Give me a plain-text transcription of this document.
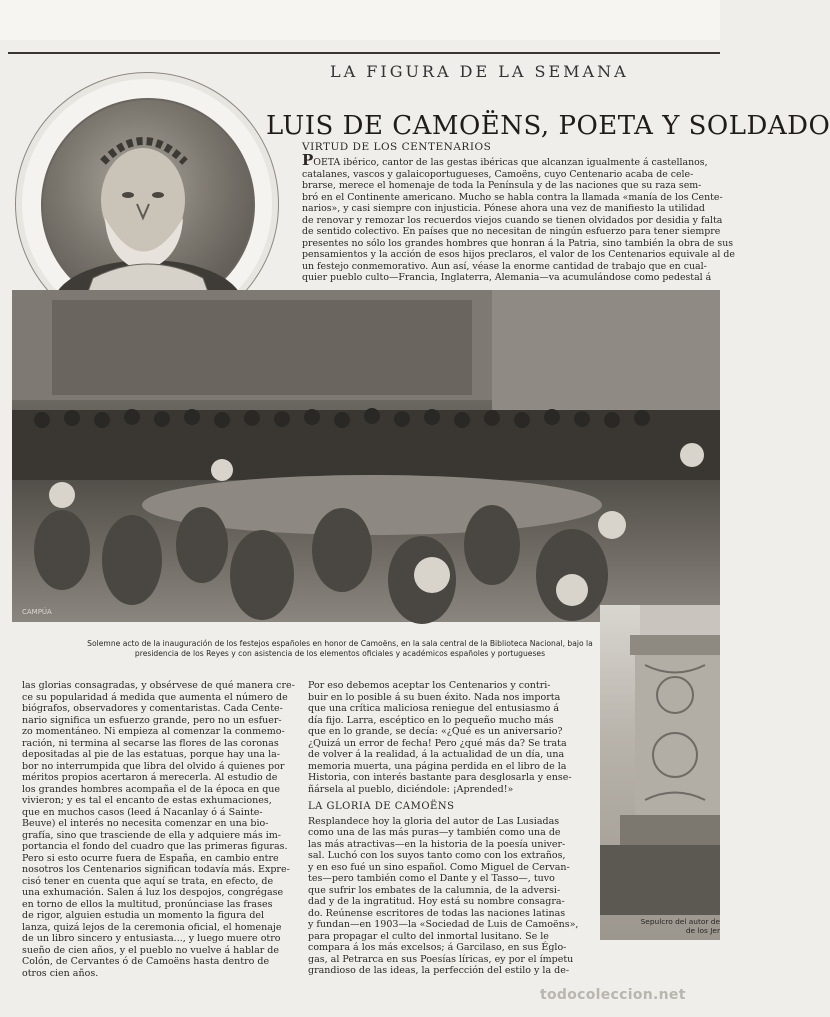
LA FIGURA DE LA SEMANA
LUIS DE CAMOËNS, POETA Y SOLDADO
VIRTUD DE LOS CENTENARIOS

POETA ibérico, cantor de las gestas ibéricas que alcanzan igualmente á castellanos,

catalanes, vascos y galaicoportugueses, Camoëns, cuyo Centenario acaba de cele-

brarse, merece el homenaje de toda la Península y de las naciones que su raza sem-

bró en el Continente americano. Mucho se habla contra la llamada «manía de los Cente-

narios», y casi siempre con injusticia. Pónese ahora una vez de manifiesto la utilidad

de renovar y remozar los recuerdos viejos cuando se tienen olvidados por desidia y falta

de sentido colectivo. En países que no necesitan de ningún esfuerzo para tener siempre

presentes no sólo los grandes hombres que honran á la Patria, sino también la obra de sus

pensamientos y la acción de esos hijos preclaros, el valor de los Centenarios equivale al de

un festejo conmemorativo. Aun así, véase la enorme cantidad de trabajo que en cual-

quier pueblo culto—Francia, Inglaterra, Alemania—va acumulándose como pedestal á

CAMPÚA
Solemne acto de la inauguración de los festejos españoles en honor de Camoëns, en la sala central de la Biblioteca Nacional, bajo la
presidencia de los Reyes y con asistencia de los elementos oficiales y académicos españoles y portugueses

las glorias consagradas, y obsérvese de qué manera cre-

ce su popularidad á medida que aumenta el número de

biógrafos, observadores y comentaristas. Cada Cente-

nario significa un esfuerzo grande, pero no un esfuer-

zo momentáneo. Ni empieza al comenzar la conmemo-

ración, ni termina al secarse las flores de las coronas

depositadas al pie de las estatuas, porque hay una la-

bor no interrumpida que libra del olvido á quienes por

méritos propios acertaron á merecerla. Al estudio de

los grandes hombres acompaña el de la época en que

vivieron; y es tal el encanto de estas exhumaciones,

que en muchos casos (leed á Nacanlay ó á Sainte-

Beuve) el interés no necesita comenzar en una bio-

grafía, sino que trasciende de ella y adquiere más im-

portancia el fondo del cuadro que las primeras figuras.

Pero si esto ocurre fuera de España, en cambio entre

nosotros los Centenarios significan todavía más. Expre-

cisó tener en cuenta que aquí se trata, en efecto, de

una exhumación. Salen á luz los despojos, congrégase

en torno de ellos la multitud, pronúnciase las frases

de rigor, alguien estudia un momento la figura del

lanza, quizá lejos de la ceremonia oficial, el homenaje

de un libro sincero y entusiasta..., y luego muere otro

sueño de cien años, y el pueblo no vuelve á hablar de

Colón, de Cervantes ó de Camoëns hasta dentro de

otros cien años.

Por eso debemos aceptar los Centenarios y contri-

buir en lo posible á su buen éxito. Nada nos importa

que una crítica maliciosa reniegue del entusiasmo á

día fijo. Larra, escéptico en lo pequeño mucho más

que en lo grande, se decía: «¿Qué es un aniversario?

¿Quizá un error de fecha! Pero ¿qué más da? Se trata

de volver á la realidad, á la actualidad de un día, una

memoria muerta, una página perdida en el libro de la

Historia, con interés bastante para desglosarla y ense-

ñársela al pueblo, diciéndole: ¡Aprended!»

LA GLORIA DE CAMOËNS

Resplandece hoy la gloria del autor de Las Lusiadas

como una de las más puras—y también como una de

las más atractivas—en la historia de la poesía univer-

sal. Luchó con los suyos tanto como con los extraños,

y en eso fué un sino español. Como Miguel de Cervan-

tes—pero también como el Dante y el Tasso—, tuvo

que sufrir los embates de la calumnia, de la adversi-

dad y de la ingratitud. Hoy está su nombre consagra-

do. Reúnense escritores de todas las naciones latinas

y fundan—en 1903—la «Sociedad de Luis de Camoëns»,

para propagar el culto del inmortal lusitano. Se le

compara á los más excelsos; á Garcilaso, en sus Églo-

gas, al Petrarca en sus Poesías líricas, ey por el ímpetu

grandioso de las ideas, la perfección del estilo y la de-

Sepulcro del autor de
de los Jer
todocoleccion.net
